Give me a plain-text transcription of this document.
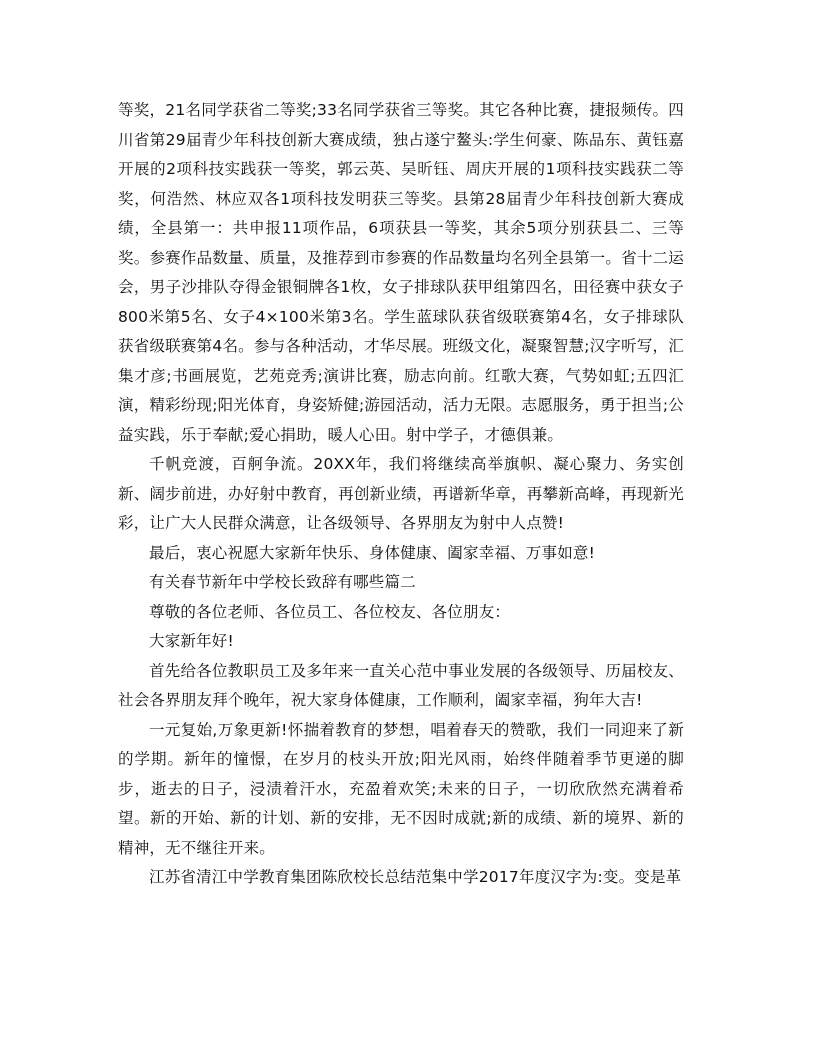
等奖，21名同学获省二等奖;33名同学获省三等奖。其它各种比赛，捷报频传。四川省第29届青少年科技创新大赛成绩，独占遂宁鳌头:学生何豪、陈品东、黄钰嘉开展的2项科技实践获一等奖，郭云英、吴昕钰、周庆开展的1项科技实践获二等奖，何浩然、林应双各1项科技发明获三等奖。县第28届青少年科技创新大赛成绩，全县第一：共申报11项作品，6项获县一等奖，其余5项分别获县二、三等奖。参赛作品数量、质量，及推荐到市参赛的作品数量均名列全县第一。省十二运会，男子沙排队夺得金银铜牌各1枚，女子排球队获甲组第四名，田径赛中获女子800米第5名、女子4×100米第3名。学生蓝球队获省级联赛第4名，女子排球队获省级联赛第4名。参与各种活动，才华尽展。班级文化，凝聚智慧;汉字听写，汇集才彦;书画展览，艺苑竞秀;演讲比赛，励志向前。红歌大赛，气势如虹;五四汇演，精彩纷现;阳光体育，身姿矫健;游园活动，活力无限。志愿服务，勇于担当;公益实践，乐于奉献;爱心捐助，暖人心田。射中学子，才德俱兼。

千帆竞渡，百舸争流。20XX年，我们将继续高举旗帜、凝心聚力、务实创新、阔步前进，办好射中教育，再创新业绩，再谱新华章，再攀新高峰，再现新光彩，让广大人民群众满意，让各级领导、各界朋友为射中人点赞!

最后，衷心祝愿大家新年快乐、身体健康、阖家幸福、万事如意!

有关春节新年中学校长致辞有哪些篇二

尊敬的各位老师、各位员工、各位校友、各位朋友：

大家新年好!

首先给各位教职员工及多年来一直关心范中事业发展的各级领导、历届校友、社会各界朋友拜个晚年，祝大家身体健康，工作顺利，阖家幸福，狗年大吉!

一元复始,万象更新!怀揣着教育的梦想，唱着春天的赞歌，我们一同迎来了新的学期。新年的憧憬，在岁月的枝头开放;阳光风雨，始终伴随着季节更递的脚步，逝去的日子，浸渍着汗水，充盈着欢笑;未来的日子，一切欣欣然充满着希望。新的开始、新的计划、新的安排，无不因时成就;新的成绩、新的境界、新的精神，无不继往开来。

江苏省清江中学教育集团陈欣校长总结范集中学2017年度汉字为:变。变是革
